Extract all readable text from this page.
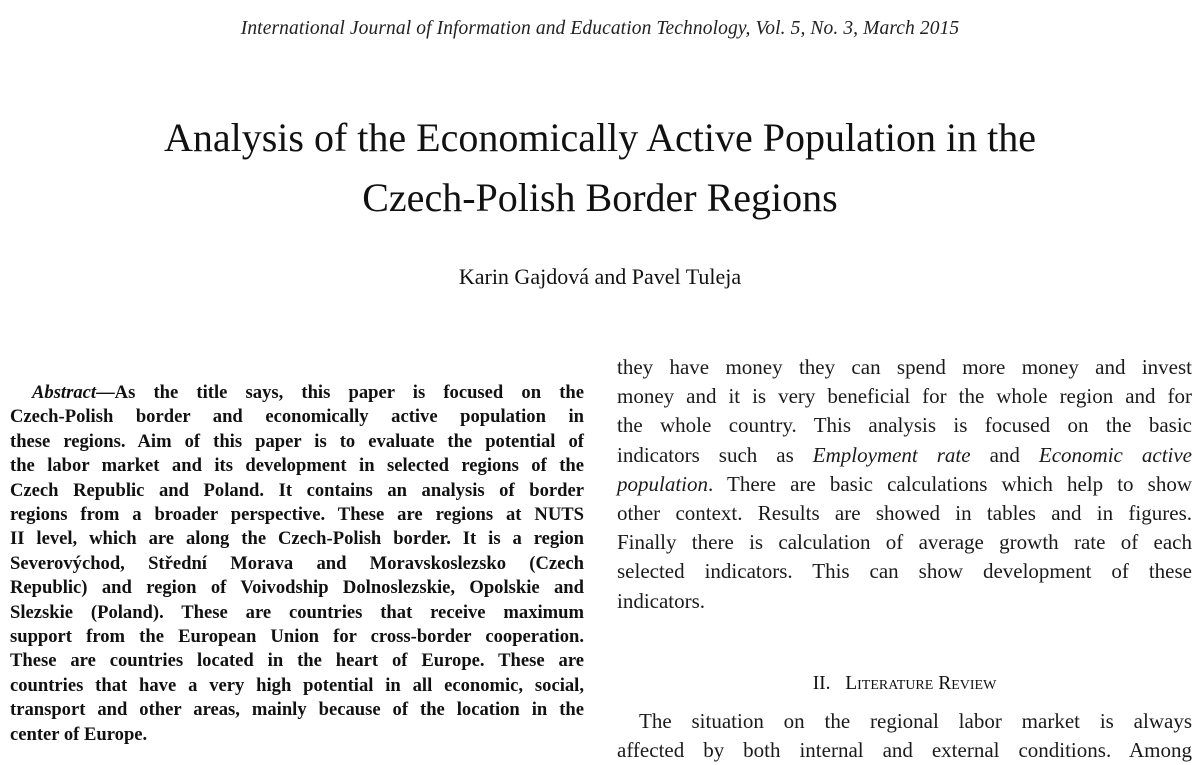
International Journal of Information and Education Technology, Vol. 5, No. 3, March 2015
Analysis of the Economically Active Population in the
Czech-Polish Border Regions
Karin Gajdová and Pavel Tuleja
Abstract—As the title says, this paper is focused on the
Czech-Polish border and economically active population in
these regions. Aim of this paper is to evaluate the potential of
the labor market and its development in selected regions of the
Czech Republic and Poland. It contains an analysis of border
regions from a broader perspective. These are regions at NUTS
II level, which are along the Czech-Polish border. It is a region
Severovýchod, Střední Morava and Moravskoslezsko (Czech
Republic) and region of Voivodship Dolnoslezskie, Opolskie and
Slezskie (Poland). These are countries that receive maximum
support from the European Union for cross-border cooperation.
These are countries located in the heart of Europe. These are
countries that have a very high potential in all economic, social,
transport and other areas, mainly because of the location in the
center of Europe.
they have money they can spend more money and invest
money and it is very beneficial for the whole region and for
the whole country. This analysis is focused on the basic
indicators such as Employment rate and Economic active
population. There are basic calculations which help to show
other context. Results are showed in tables and in figures.
Finally there is calculation of average growth rate of each
selected indicators. This can show development of these
indicators.
II. Literature Review
The situation on the regional labor market is always
affected by both internal and external conditions. Among
